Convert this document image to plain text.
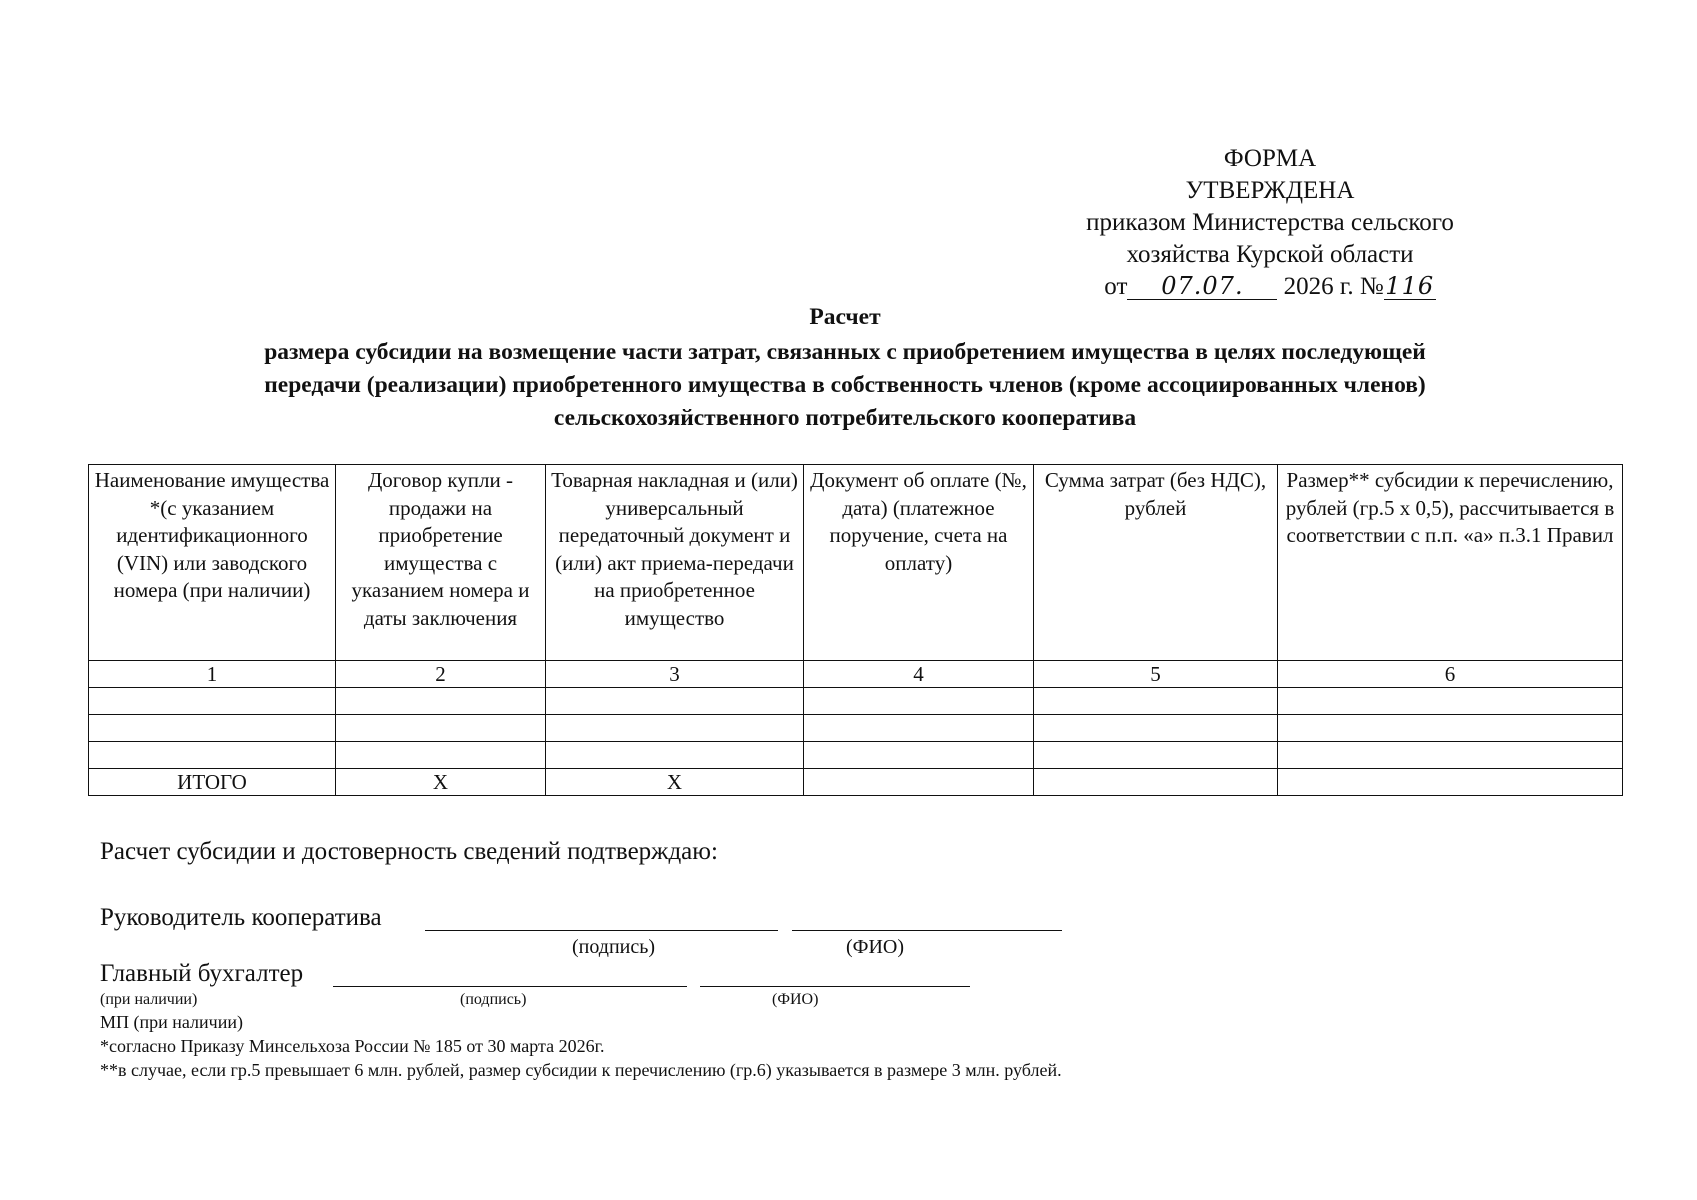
ФОРМА
УТВЕРЖДЕНА
приказом Министерства сельского
хозяйства Курской области
от 07.07. 2026 г. №116
Расчет
размера субсидии на возмещение части затрат, связанных с приобретением имущества в целях последующей
передачи (реализации) приобретенного имущества в собственность членов (кроме ассоциированных членов)
сельскохозяйственного потребительского кооператива
Наименование имущества *(с указанием идентификационного (VIN) или заводского номера (при наличии)	Договор купли - продажи на приобретение имущества с указанием номера и даты заключения	Товарная накладная и (или) универсальный передаточный документ и (или) акт приема-передачи на приобретенное имущество	Документ об оплате (№, дата) (платежное поручение, счета на оплату)	Сумма затрат (без НДС), рублей	Размер** субсидии к перечислению, рублей (гр.5 х 0,5), рассчитывается в соответствии с п.п. «а» п.3.1 Правил
1	2	3	4	5	6

ИТОГО	Х	Х			
Расчет субсидии и достоверность сведений подтверждаю:
Руководитель кооператива
(подпись)	(ФИО)
Главный бухгалтер
(при наличии)	(подпись)	(ФИО)
МП (при наличии)
*согласно Приказу Минсельхоза России № 185 от 30 марта 2026г.
**в случае, если гр.5 превышает 6 млн. рублей, размер субсидии к перечислению (гр.6) указывается в размере 3 млн. рублей.
